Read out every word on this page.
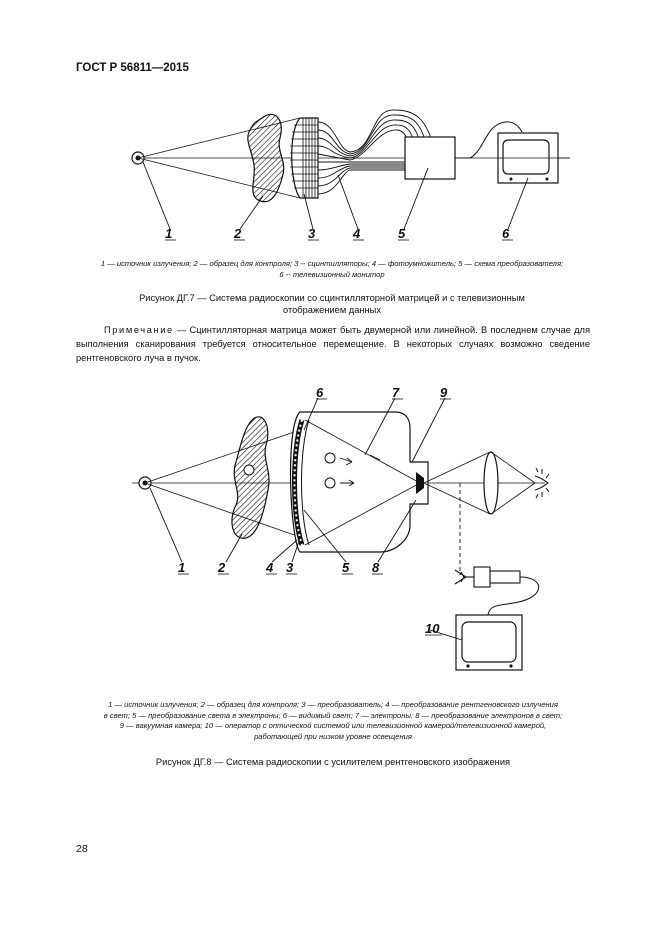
ГОСТ Р 56811—2015
1	2	3	4	5	6
1 — источник излучения; 2 — образец для контроля; 3 -- сцинтилляторы; 4 — фотоумножитель; 5 — схема преобразователя;
6 -- телевизионный монитор
Рисунок ДГ.7 — Система радиоскопии со сцинтилляторной матрицей и с телевизионным
отображением данных
Примечание — Сцинтилляторная матрица может быть двумерной или линейной. В последнем случае для выполнения сканирования требуется относительное перемещение. В некоторых случаях возможно сведение рентгеновского луча в пучок.
1	2	3
4	5
6	7
8
9
10
1 — источник излучения; 2 — образец для контроля; 3 — преобразователь; 4 — преобразование рентгеновского излучения
в свет; 5 — преобразование света в электроны; 6 — видимый свет; 7 — электроны; 8 — преобразование электронов в свет;
9 — вакуумная камера; 10 — оператор с оптической системой или телевизионной камерой/телевизионной камерой,
работающей при низком уровне освещения
Рисунок ДГ.8 — Система радиоскопии с усилителем рентгеновского изображения
28
